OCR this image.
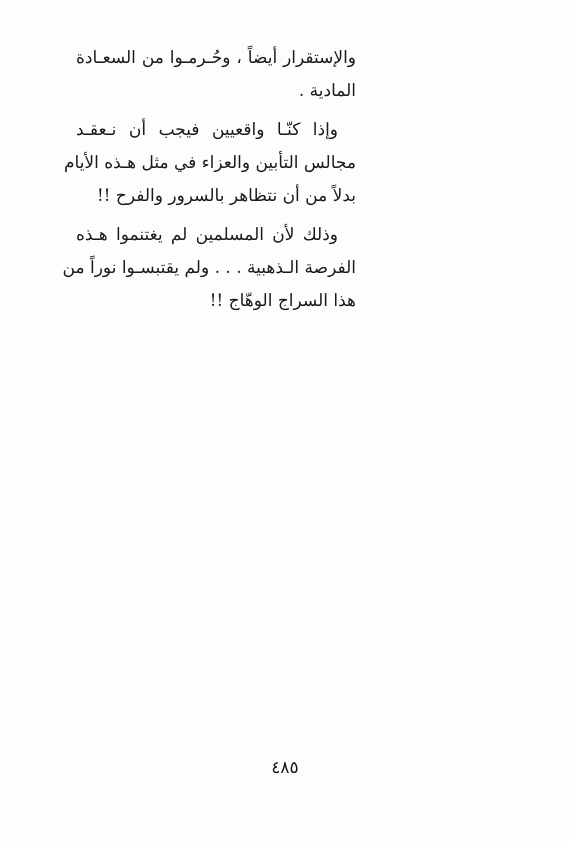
والإستقرار أيضاً ، وحُـرمـوا من السعـادة
المادية .

وإذا كنّـا واقعيين فيجب أن نـعقـد
مجالس التأبين والعزاء في مثل هـذه الأيام
بدلاً من أن نتظاهر بالسرور والفرح !!

وذلك لأن المسلمين لم يغتنموا هـذه
الفرصة الـذهبية . . . ولم يقتبسـوا نوراً من
هذا السراج الوهّاج !!

٤٨٥
